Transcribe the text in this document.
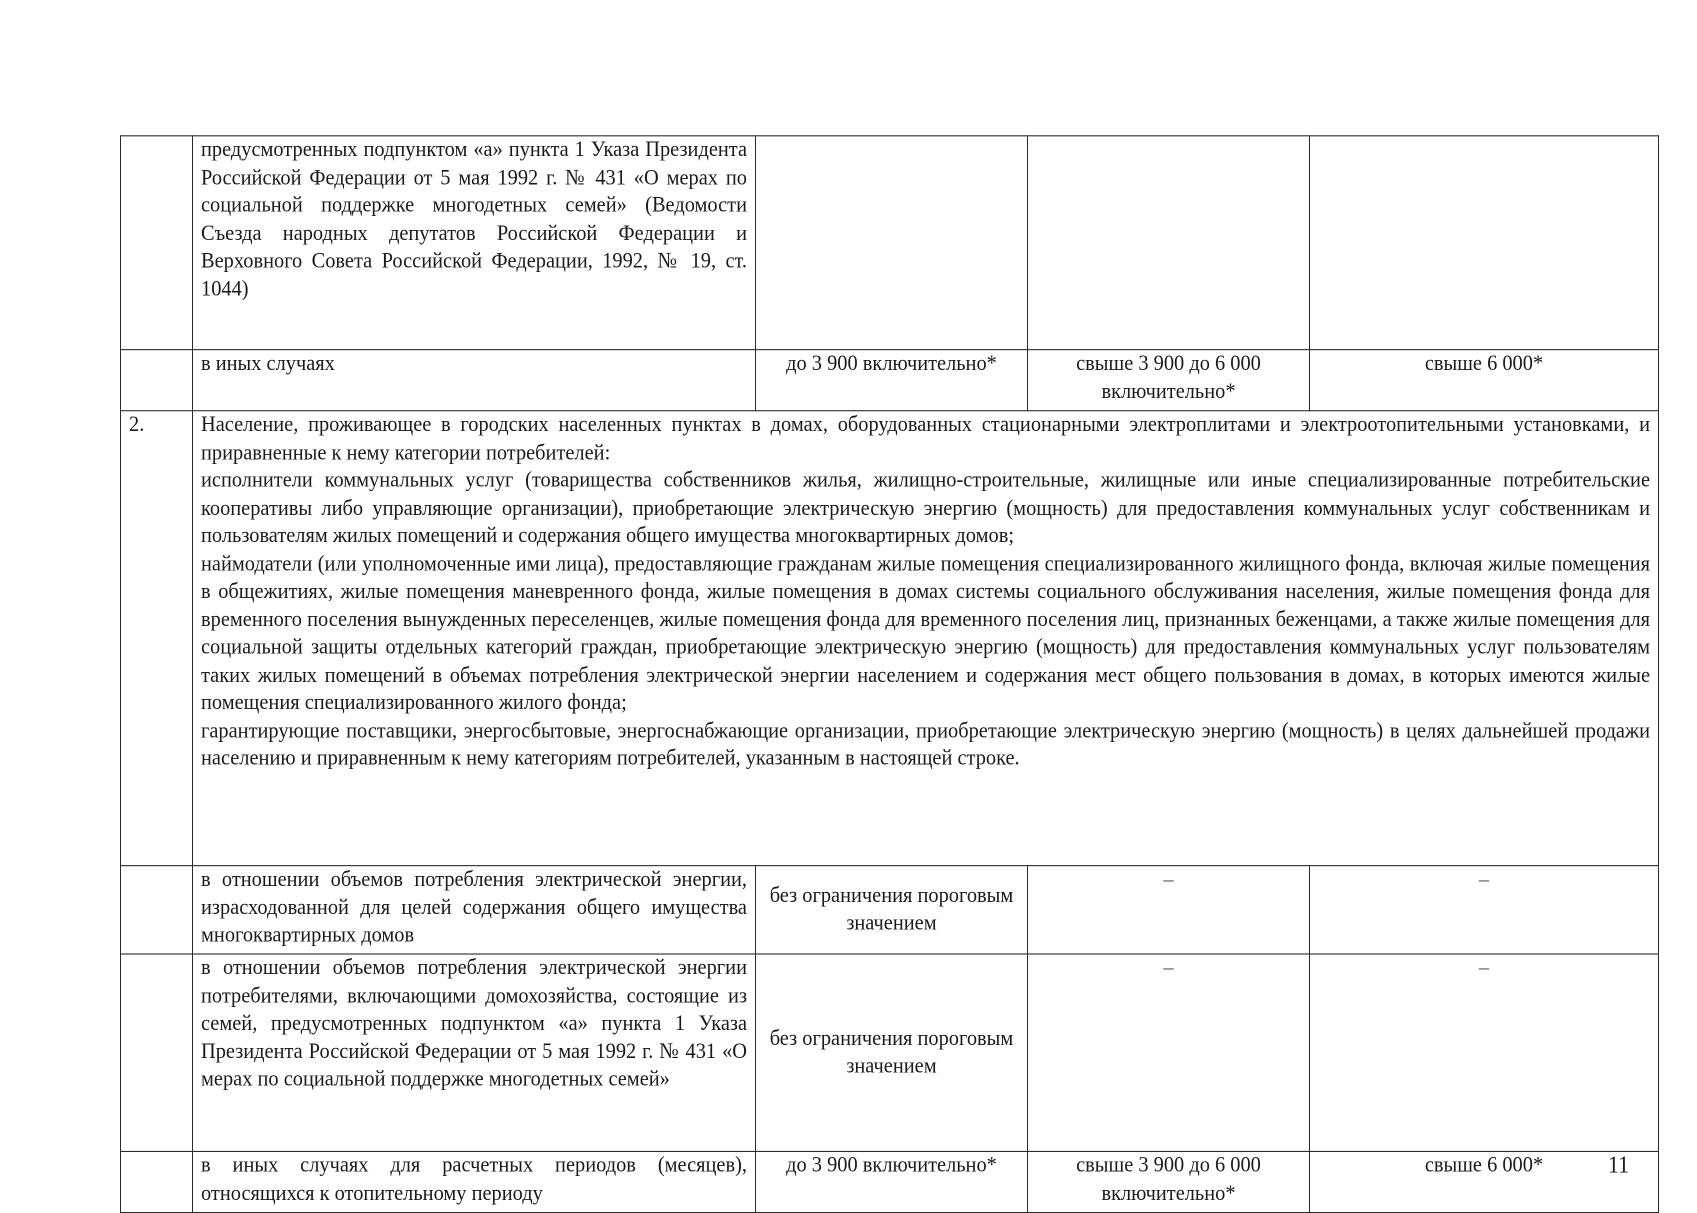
	предусмотренных подпунктом «а» пункта 1 Указа Президента Российской Федерации от 5 мая 1992 г. № 431 «О мерах по социальной поддержке многодетных семей» (Ведомости Съезда народных депутатов Российской Федерации и Верховного Совета Российской Федерации, 1992, № 19, ст. 1044)			
	в иных случаях	до 3 900 включительно*	свыше 3 900 до 6 000 включительно*	свыше 6 000*
2.	Население, проживающее в городских населенных пунктах в домах, оборудованных стационарными электроплитами и электроотопительными установками, и приравненные к нему категории потребителей:

исполнители коммунальных услуг (товарищества собственников жилья, жилищно-строительные, жилищные или иные специализированные потребительские кооперативы либо управляющие организации), приобретающие электрическую энергию (мощность) для предоставления коммунальных услуг собственникам и пользователям жилых помещений и содержания общего имущества многоквартирных домов;

наймодатели (или уполномоченные ими лица), предоставляющие гражданам жилые помещения специализированного жилищного фонда, включая жилые помещения в общежитиях, жилые помещения маневренного фонда, жилые помещения в домах системы социального обслуживания населения, жилые помещения фонда для временного поселения вынужденных переселенцев, жилые помещения фонда для временного поселения лиц, признанных беженцами, а также жилые помещения для социальной защиты отдельных категорий граждан, приобретающие электрическую энергию (мощность) для предоставления коммунальных услуг пользователям таких жилых помещений в объемах потребления электрической энергии населением и содержания мест общего пользования в домах, в которых имеются жилые помещения специализированного жилого фонда;

гарантирующие поставщики, энергосбытовые, энергоснабжающие организации, приобретающие электрическую энергию (мощность) в целях дальнейшей продажи населению и приравненным к нему категориям потребителей, указанным в настоящей строке.			

	в отношении объемов потребления электрической энергии, израсходованной для целей содержания общего имущества многоквартирных домов	без ограничения пороговым значением	–	–
	в отношении объемов потребления электрической энергии потребителями, включающими домохозяйства, состоящие из семей, предусмотренных подпунктом «а» пункта 1 Указа Президента Российской Федерации от 5 мая 1992 г. № 431 «О мерах по социальной поддержке многодетных семей»	без ограничения пороговым значением	–	–
	в иных случаях для расчетных периодов (месяцев), относящихся к отопительному периоду	до 3 900 включительно*	свыше 3 900 до 6 000 включительно*	свыше 6 000*	11
